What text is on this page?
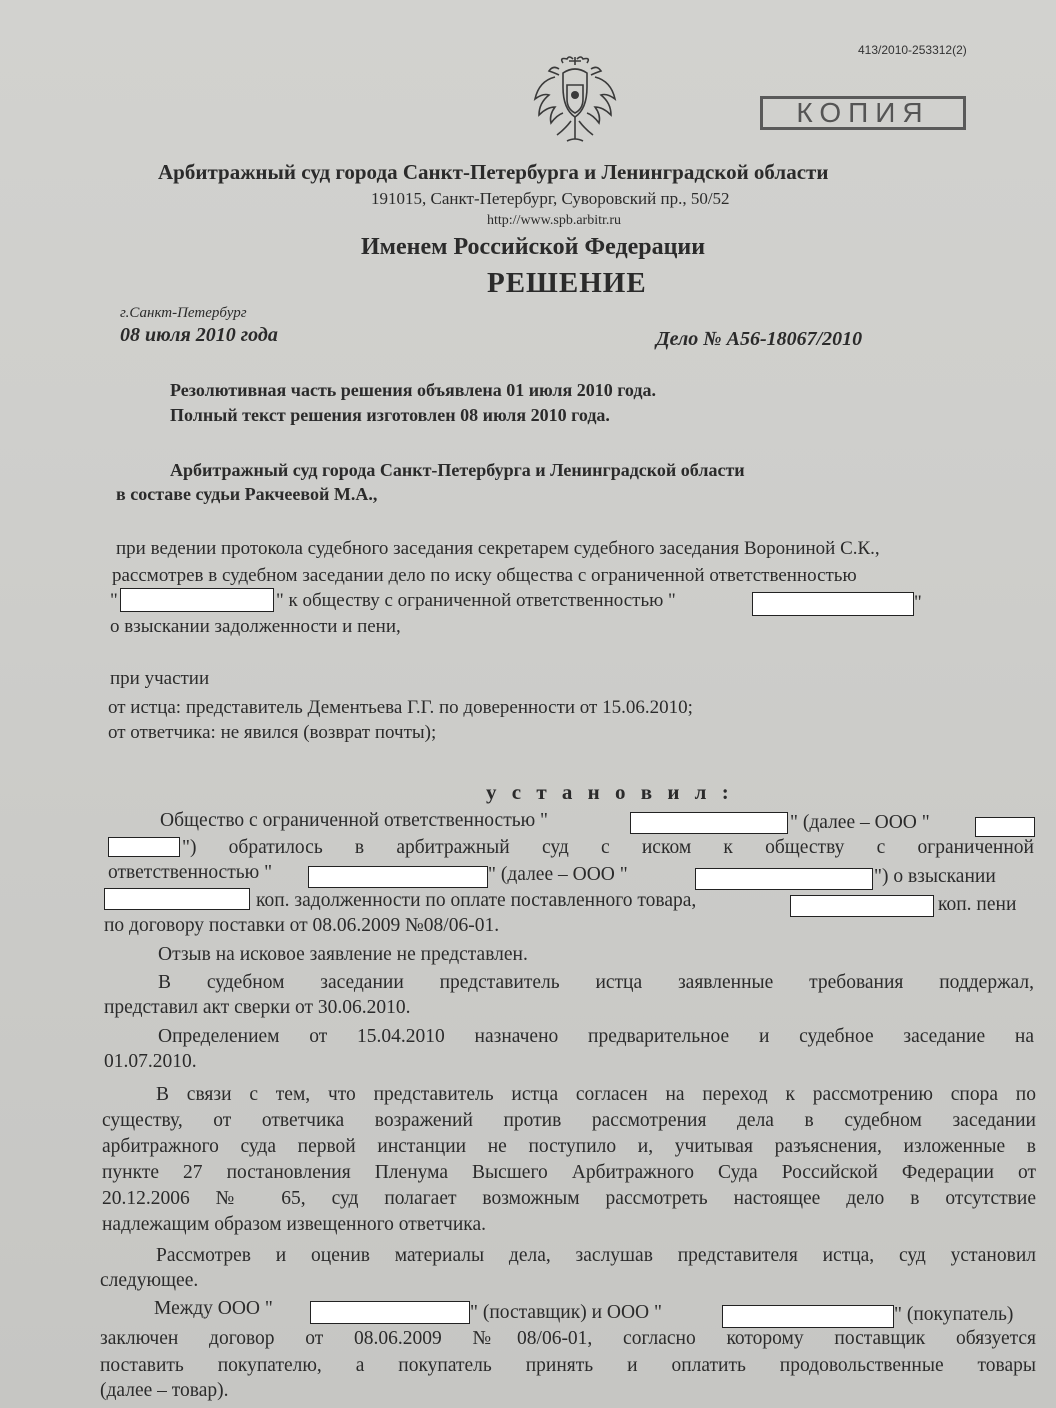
413/2010-253312(2)
КОПИЯ
Арбитражный суд города Санкт-Петербурга и Ленинградской области
191015, Санкт-Петербург, Суворовский пр., 50/52
http://www.spb.arbitr.ru
Именем Российской Федерации
РЕШЕНИЕ
г.Санкт-Петербург
08 июля 2010 года	Дело № А56-18067/2010
Резолютивная часть решения объявлена 01 июля 2010 года.
Полный текст решения изготовлен 08 июля 2010 года.
Арбитражный суд города Санкт-Петербурга и Ленинградской области
в составе судьи Ракчеевой М.А.,
при ведении протокола судебного заседания секретарем судебного заседания Ворониной С.К.,
рассмотрев в судебном заседании дело по иску общества с ограниченной ответственностью
"	" к обществу с ограниченной ответственностью "	"
о взыскании задолженности и пени,
при участии
от истца: представитель Дементьева Г.Г. по доверенности от 15.06.2010;
от ответчика: не явился (возврат почты);
у с т а н о в и л :
Общество с ограниченной ответственностью "	" (далее – ООО "
") обратилось в арбитражный суд с иском к обществу с ограниченной
ответственностью "	" (далее – ООО "	") о взыскании
коп. задолженности по оплате поставленного товара,	коп. пени
по договору поставки от 08.06.2009 №08/06-01.
Отзыв на исковое заявление не представлен.
В судебном заседании представитель истца заявленные требования поддержал,
представил акт сверки от 30.06.2010.
Определением от 15.04.2010 назначено предварительное и судебное заседание на
01.07.2010.
В связи с тем, что представитель истца согласен на переход к рассмотрению спора по
существу, от ответчика возражений против рассмотрения дела в судебном заседании
арбитражного суда первой инстанции не поступило и, учитывая разъяснения, изложенные в
пункте 27 постановления Пленума Высшего Арбитражного Суда Российской Федерации от
20.12.2006 № 65, суд полагает возможным рассмотреть настоящее дело в отсутствие
надлежащим образом извещенного ответчика.
Рассмотрев и оценив материалы дела, заслушав представителя истца, суд установил
следующее.
Между ООО "	" (поставщик) и ООО "	" (покупатель)
заключен договор от 08.06.2009 №08/06-01, согласно которому поставщик обязуется
поставить покупателю, а покупатель принять и оплатить продовольственные товары
(далее – товар).
